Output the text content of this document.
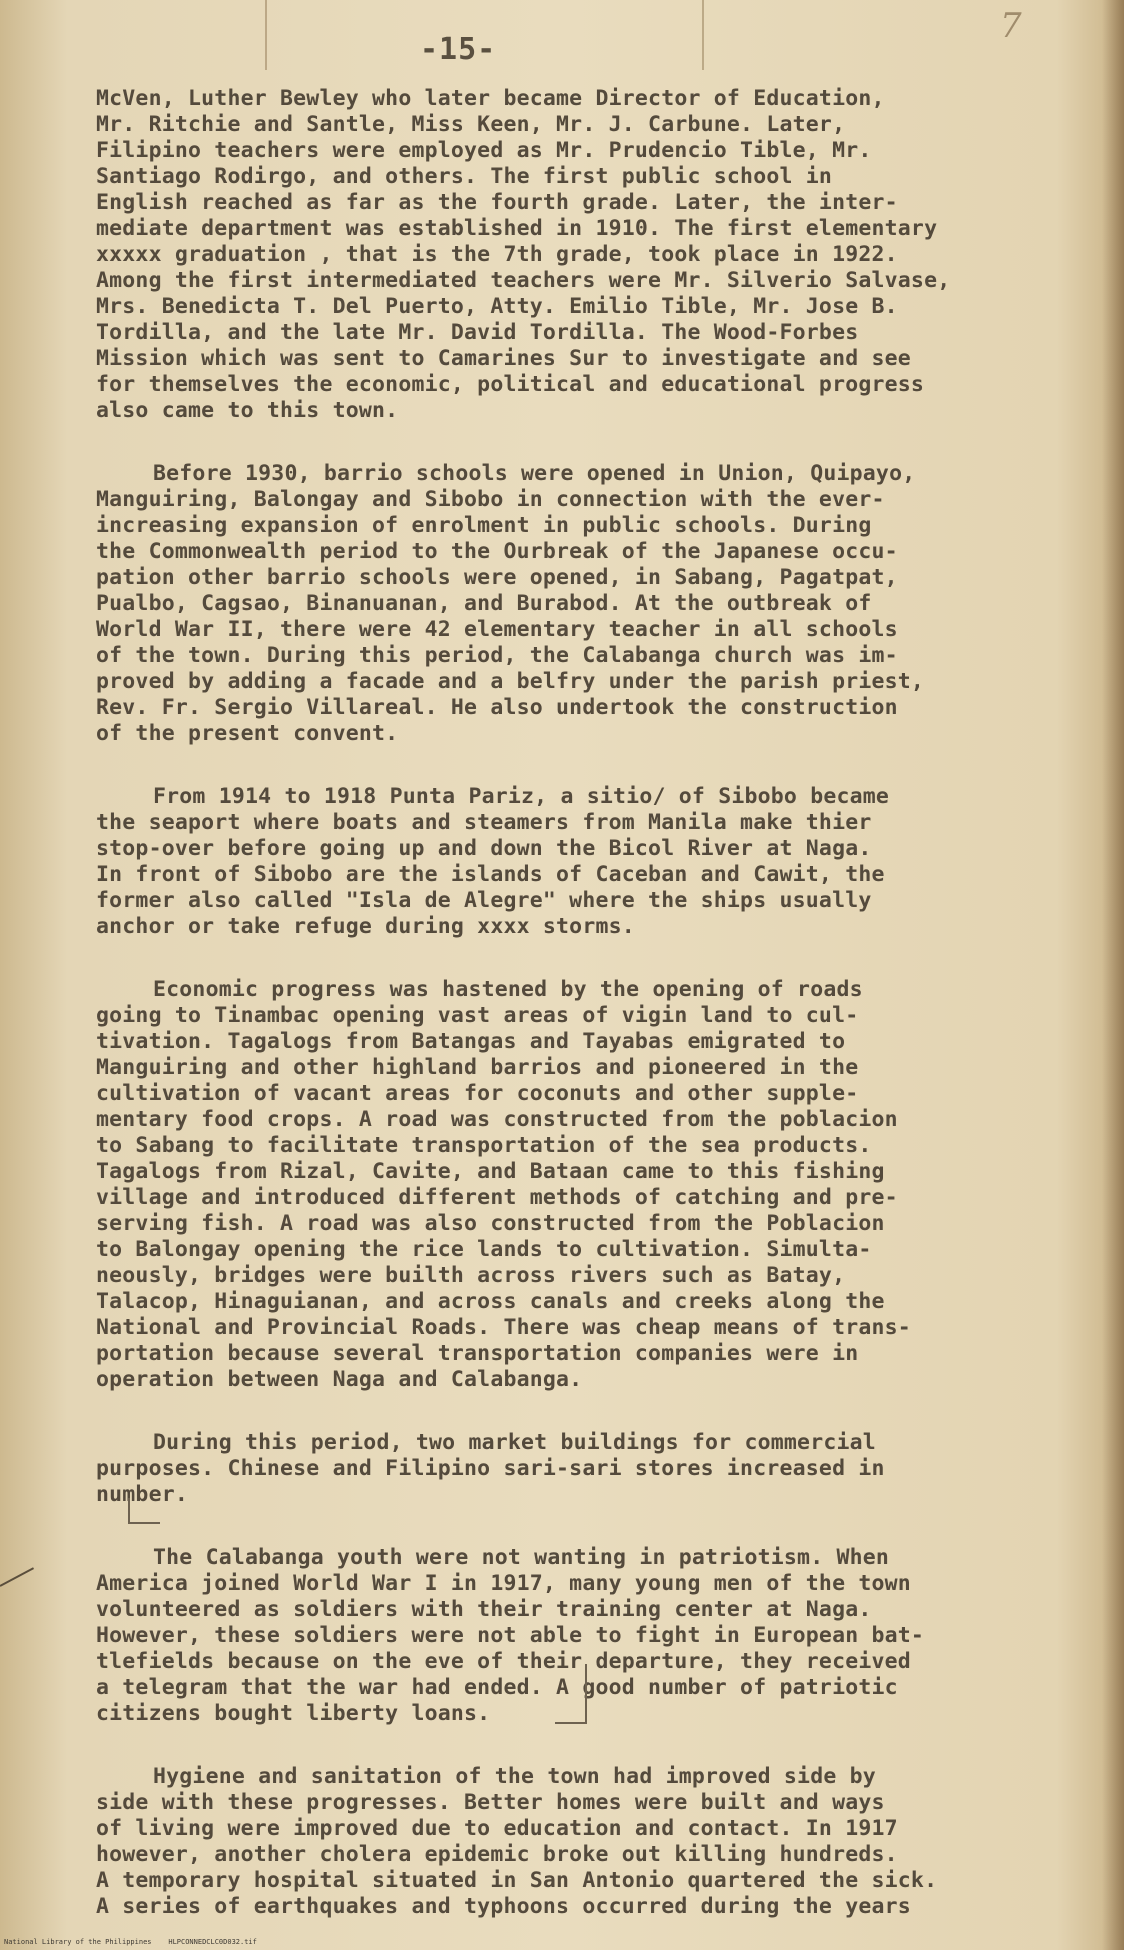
-15-
7
McVen, Luther Bewley who later became Director of Education,
Mr. Ritchie and Santle, Miss Keen, Mr. J. Carbune. Later,
Filipino teachers were employed as Mr. Prudencio Tible, Mr.
Santiago Rodirgo, and others. The first public school in
English reached as far as the fourth grade. Later, the inter-
mediate department was established in 1910. The first elementary
xxxxx graduation , that is the 7th grade, took place in 1922.
Among the first intermediated teachers were Mr. Silverio Salvase,
Mrs. Benedicta T. Del Puerto, Atty. Emilio Tible, Mr. Jose B.
Tordilla, and the late Mr. David Tordilla. The Wood-Forbes
Mission which was sent to Camarines Sur to investigate and see
for themselves the economic, political and educational progress
also came to this town.
Before 1930, barrio schools were opened in Union, Quipayo,
Manguiring, Balongay and Sibobo in connection with the ever-
increasing expansion of enrolment in public schools. During
the Commonwealth period to the Ourbreak of the Japanese occu-
pation other barrio schools were opened, in Sabang, Pagatpat,
Pualbo, Cagsao, Binanuanan, and Burabod. At the outbreak of
World War II, there were 42 elementary teacher in all schools
of the town. During this period, the Calabanga church was im-
proved by adding a facade and a belfry under the parish priest,
Rev. Fr. Sergio Villareal. He also undertook the construction
of the present convent.
From 1914 to 1918 Punta Pariz, a sitio/ of Sibobo became
the seaport where boats and steamers from Manila make thier
stop-over before going up and down the Bicol River at Naga.
In front of Sibobo are the islands of Caceban and Cawit, the
former also called "Isla de Alegre" where the ships usually
anchor or take refuge during xxxx storms.
Economic progress was hastened by the opening of roads
going to Tinambac opening vast areas of vigin land to cul-
tivation. Tagalogs from Batangas and Tayabas emigrated to
Manguiring and other highland barrios and pioneered in the
cultivation of vacant areas for coconuts and other supple-
mentary food crops. A road was constructed from the poblacion
to Sabang to facilitate transportation of the sea products.
Tagalogs from Rizal, Cavite, and Bataan came to this fishing
village and introduced different methods of catching and pre-
serving fish. A road was also constructed from the Poblacion
to Balongay opening the rice lands to cultivation. Simulta-
neously, bridges were builth across rivers such as Batay,
Talacop, Hinaguianan, and across canals and creeks along the
National and Provincial Roads. There was cheap means of trans-
portation because several transportation companies were in
operation between Naga and Calabanga.
During this period, two market buildings for commercial
purposes. Chinese and Filipino sari-sari stores increased in
number.
The Calabanga youth were not wanting in patriotism. When
America joined World War I in 1917, many young men of the town
volunteered as soldiers with their training center at Naga.
However, these soldiers were not able to fight in European bat-
tlefields because on the eve of their departure, they received
a telegram that the war had ended. A good number of patriotic
citizens bought liberty loans.
Hygiene and sanitation of the town had improved side by
side with these progresses. Better homes were built and ways
of living were improved due to education and contact. In 1917
however, another cholera epidemic broke out killing hundreds.
A temporary hospital situated in San Antonio quartered the sick.
A series of earthquakes and typhoons occurred during the years
National Library of the Philippines    HLPCONNEDCLC0D032.tif
